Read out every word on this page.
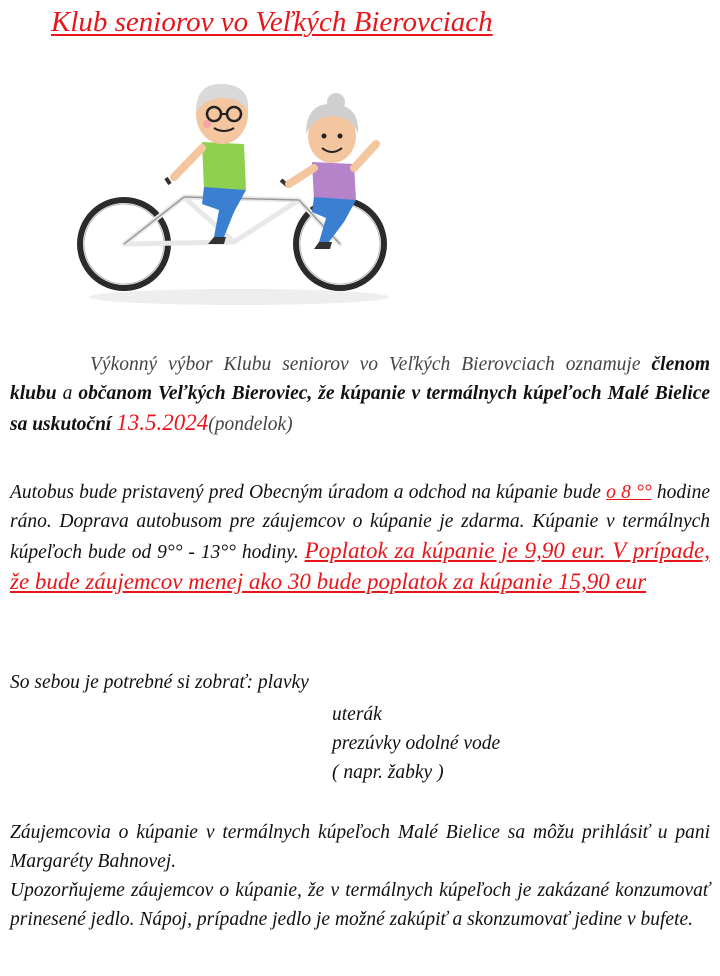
Klub seniorov vo Veľkých Bierovciach

Výkonný výbor Klubu seniorov vo Veľkých Bierovciach oznamuje členom klubu a občanom Veľkých Bieroviec, že kúpanie v termálnych kúpeľoch Malé Bielice sa uskutoční 13.5.2024(pondelok)

Autobus bude pristavený pred Obecným úradom a odchod na kúpanie bude o 8 °° hodine ráno. Doprava autobusom pre záujemcov o kúpanie je zdarma. Kúpanie v termálnych kúpeľoch bude od 9°° - 13°° hodiny. Poplatok za kúpanie je 9,90 eur. V prípade, že bude záujemcov menej ako 30 bude poplatok za kúpanie 15,90 eur

So sebou je potrebné si zobrať: plavky

uterák

prezúvky odolné vode

( napr. žabky )

Záujemcovia o kúpanie v termálnych kúpeľoch Malé Bielice sa môžu prihlásiť u pani Margaréty Bahnovej.

Upozorňujeme záujemcov o kúpanie, že v termálnych kúpeľoch je zakázané konzumovať prinesené jedlo. Nápoj, prípadne jedlo je možné zakúpiť a skonzumovať jedine v bufete.
